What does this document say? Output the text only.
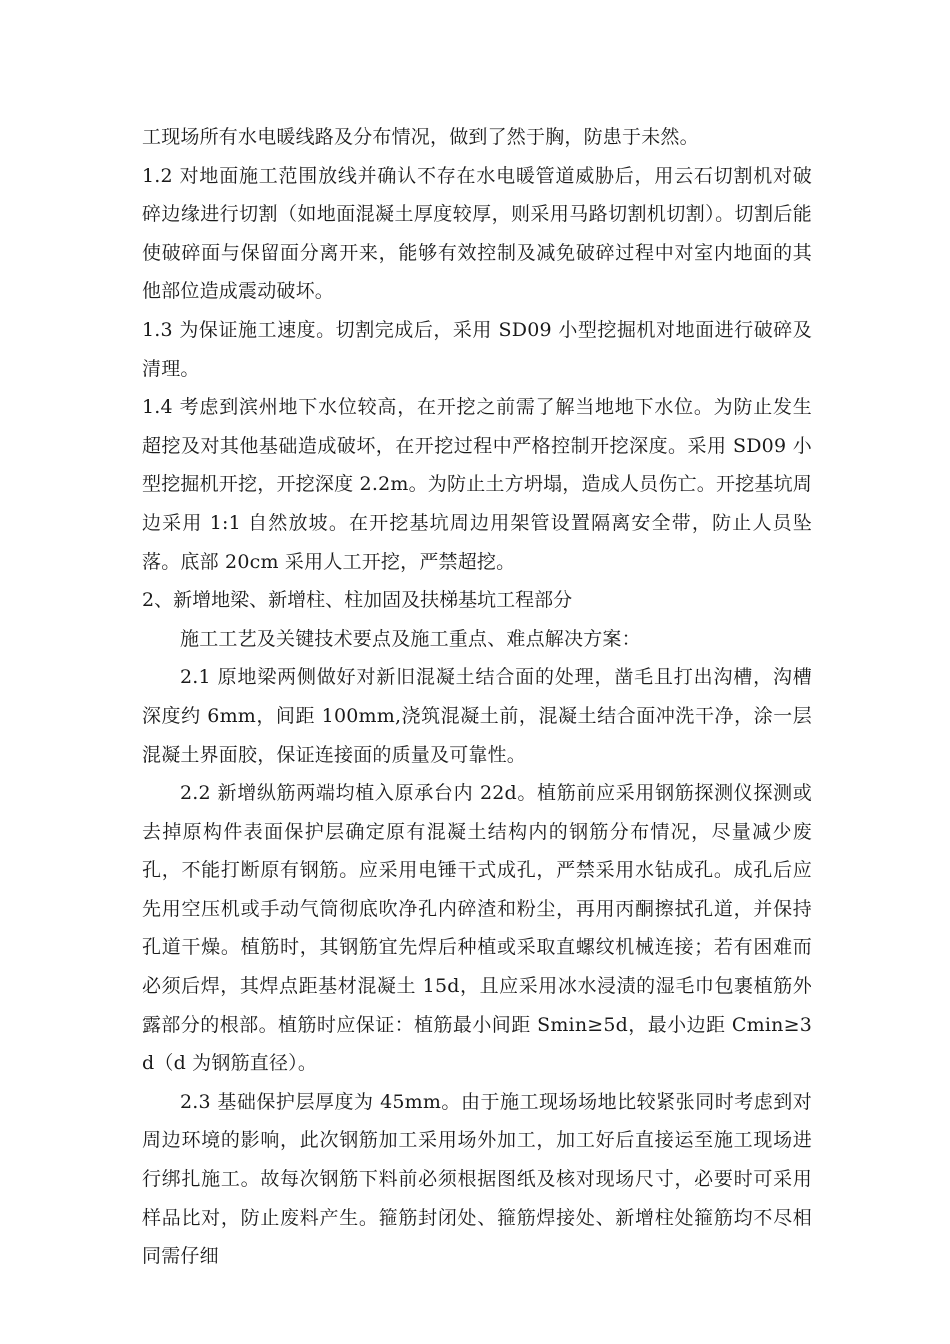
工现场所有水电暖线路及分布情况，做到了然于胸，防患于未然。

1.2 对地面施工范围放线并确认不存在水电暖管道威胁后，用云石切割机对破碎边缘进行切割（如地面混凝土厚度较厚，则采用马路切割机切割）。切割后能使破碎面与保留面分离开来，能够有效控制及减免破碎过程中对室内地面的其他部位造成震动破坏。

1.3 为保证施工速度。切割完成后，采用 SD09 小型挖掘机对地面进行破碎及清理。

1.4 考虑到滨州地下水位较高，在开挖之前需了解当地地下水位。为防止发生超挖及对其他基础造成破坏，在开挖过程中严格控制开挖深度。采用 SD09 小型挖掘机开挖，开挖深度 2.2m。为防止土方坍塌，造成人员伤亡。开挖基坑周边采用 1:1 自然放坡。在开挖基坑周边用架管设置隔离安全带，防止人员坠落。底部 20cm 采用人工开挖，严禁超挖。

2、新增地梁、新增柱、柱加固及扶梯基坑工程部分

施工工艺及关键技术要点及施工重点、难点解决方案：

2.1 原地梁两侧做好对新旧混凝土结合面的处理，凿毛且打出沟槽，沟槽深度约 6mm，间距 100mm,浇筑混凝土前，混凝土结合面冲洗干净，涂一层混凝土界面胶，保证连接面的质量及可靠性。

2.2 新增纵筋两端均植入原承台内 22d。植筋前应采用钢筋探测仪探测或去掉原构件表面保护层确定原有混凝土结构内的钢筋分布情况，尽量减少废孔，不能打断原有钢筋。应采用电锤干式成孔，严禁采用水钻成孔。成孔后应先用空压机或手动气筒彻底吹净孔内碎渣和粉尘，再用丙酮擦拭孔道，并保持孔道干燥。植筋时，其钢筋宜先焊后种植或采取直螺纹机械连接；若有困难而必须后焊，其焊点距基材混凝土 15d，且应采用冰水浸渍的湿毛巾包裹植筋外露部分的根部。植筋时应保证：植筋最小间距 Smin≥5d，最小边距 Cmin≥3d（d 为钢筋直径）。

2.3 基础保护层厚度为 45mm。由于施工现场场地比较紧张同时考虑到对周边环境的影响，此次钢筋加工采用场外加工，加工好后直接运至施工现场进行绑扎施工。故每次钢筋下料前必须根据图纸及核对现场尺寸，必要时可采用样品比对，防止废料产生。箍筋封闭处、箍筋焊接处、新增柱处箍筋均不尽相同需仔细
